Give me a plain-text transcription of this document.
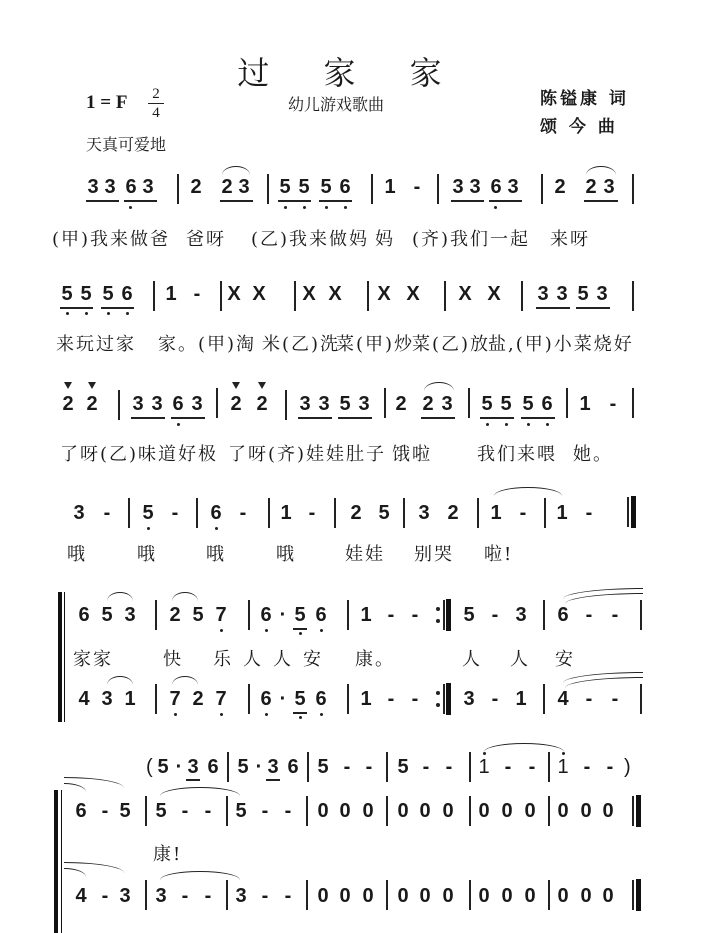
过 家 家
1 = F 2
4	幼儿游戏歌曲	陈镒康 词
颂 今 曲
天真可爱地
3 3 6 3 2 2 3 5 5 5 6 1 - 3 3 6 3 2 2 3
(甲)我来做爸 爸呀 (乙)我来做妈 妈 (齐)我们一起 来呀
5 5 5 6 1 - X X X X X X X X 3 3 5 3
来玩过家 家。(甲)淘 米(乙)洗
菜(甲)炒
菜(乙)放
盐,(甲)小菜烧好
2 2 3 3 6 3 2 2 3 3 5 3 2 2 3 5 5 5 6 1 -
了呀(乙)味道好极 了呀(齐)娃娃肚子 饿啦	我们来喂 她。
3 - 5 - 6 - 1 - 2 5 3 2 1 - 1 -
哦	哦	哦	哦	娃娃 别哭 啦!
6 5 3 2 5 7 6 · 5 6 1 - - 5 - 3 6 - -
家家	快 乐人人安 康。	人 人 安
4 3 1 7 2 7 6 · 5 6 1 - - 3 - 1 4 - -
( 5 · 3 6 5 · 3 6 5 - - 5 - - 1 - - 1 - - )
6 - 5 5 - - 5 - - 0 0 0 0 0 0 0 0 0 0 0 0
康!
4 - 3 3 - - 3 - - 0 0 0 0 0 0 0 0 0 0 0 0
